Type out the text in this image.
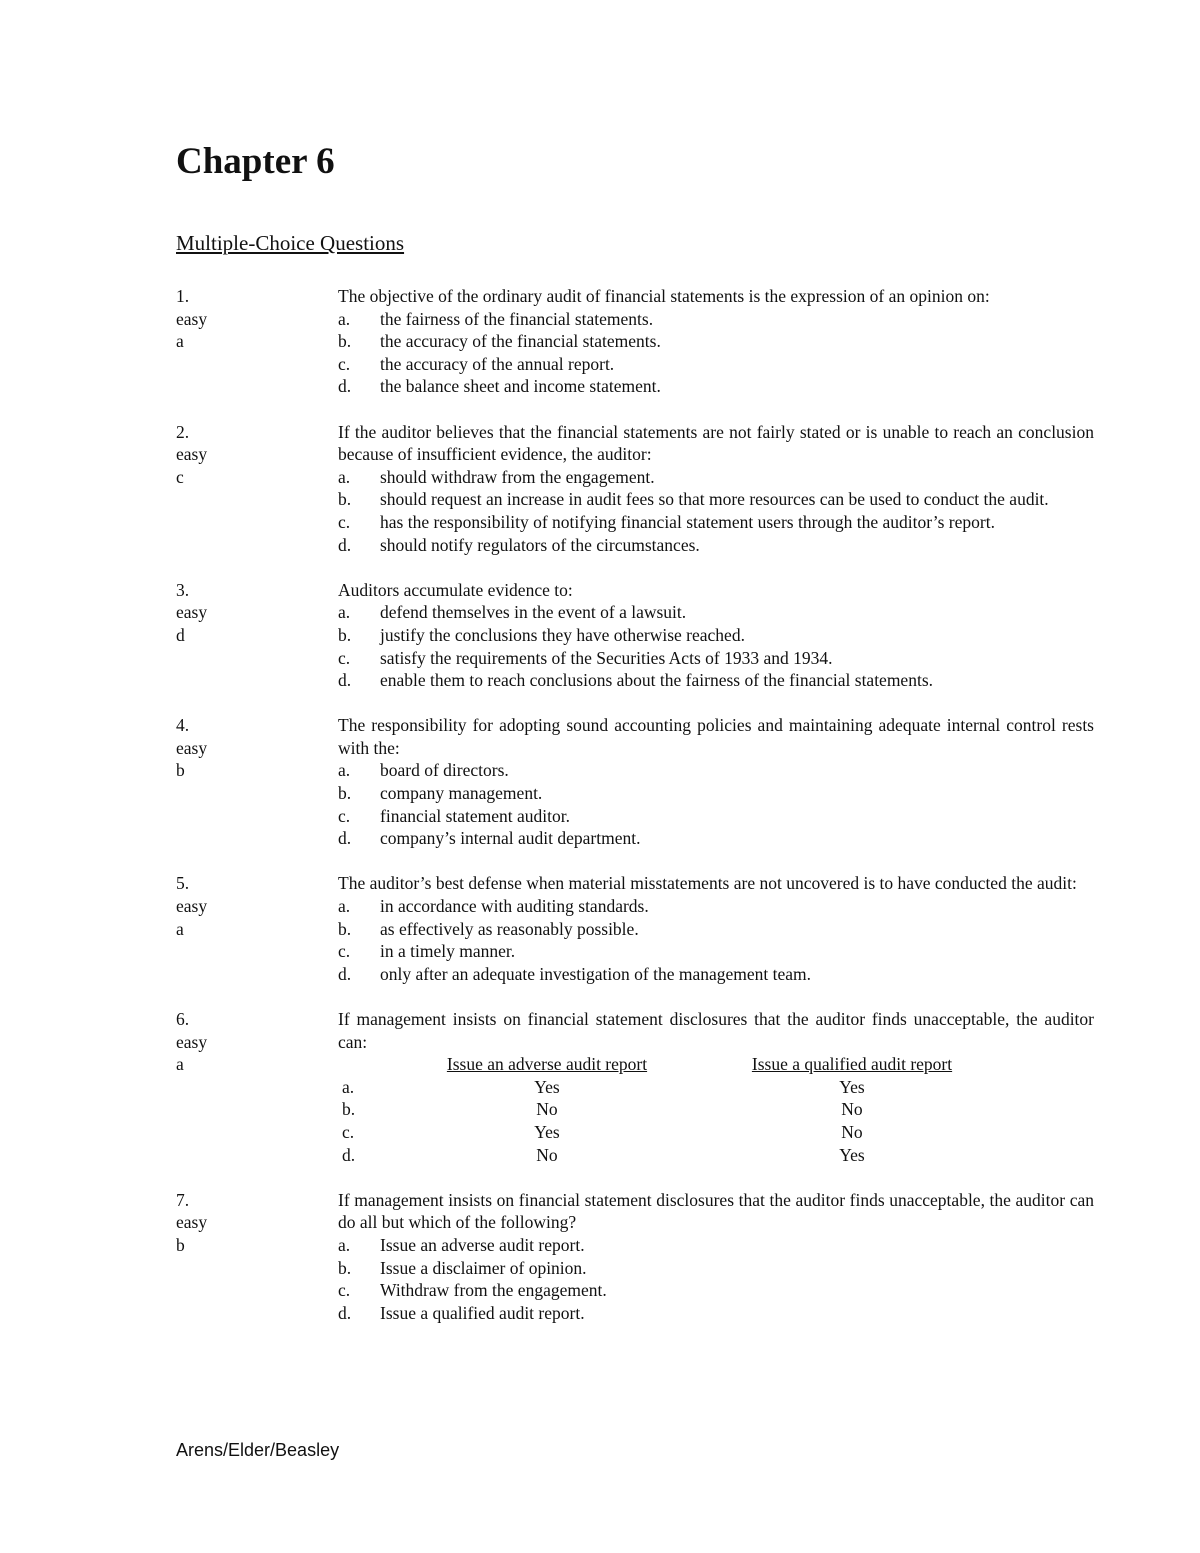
Chapter 6
Multiple-Choice Questions
1.
easy
a
The objective of the ordinary audit of financial statements is the expression of an opinion on:
a.	the fairness of the financial statements.
b.	the accuracy of the financial statements.
c.	the accuracy of the annual report.
d.	the balance sheet and income statement.
2.
easy
c
If the auditor believes that the financial statements are not fairly stated or is unable to reach an conclusion because of insufficient evidence, the auditor:
a.	should withdraw from the engagement.
b.	should request an increase in audit fees so that more resources can be used to conduct the audit.
c.	has the responsibility of notifying financial statement users through the auditor’s report.
d.	should notify regulators of the circumstances.
3.
easy
d
Auditors accumulate evidence to:
a.	defend themselves in the event of a lawsuit.
b.	justify the conclusions they have otherwise reached.
c.	satisfy the requirements of the Securities Acts of 1933 and 1934.
d.	enable them to reach conclusions about the fairness of the financial statements.
4.
easy
b
The responsibility for adopting sound accounting policies and maintaining adequate internal control rests with the:
a.	board of directors.
b.	company management.
c.	financial statement auditor.
d.	company’s internal audit department.
5.
easy
a
The auditor’s best defense when material misstatements are not uncovered is to have conducted the audit:
a.	in accordance with auditing standards.
b.	as effectively as reasonably possible.
c.	in a timely manner.
d.	only after an adequate investigation of the management team.
6.
easy
a
If management insists on financial statement disclosures that the auditor finds unacceptable, the auditor can:
Issue an adverse audit report	Issue a qualified audit report
a.	Yes	Yes
b.	No	No
c.	Yes	No
d.	No	Yes
7.
easy
b
If management insists on financial statement disclosures that the auditor finds unacceptable, the auditor can do all but which of the following?
a.	Issue an adverse audit report.
b.	Issue a disclaimer of opinion.
c.	Withdraw from the engagement.
d.	Issue a qualified audit report.

Arens/Elder/Beasley
